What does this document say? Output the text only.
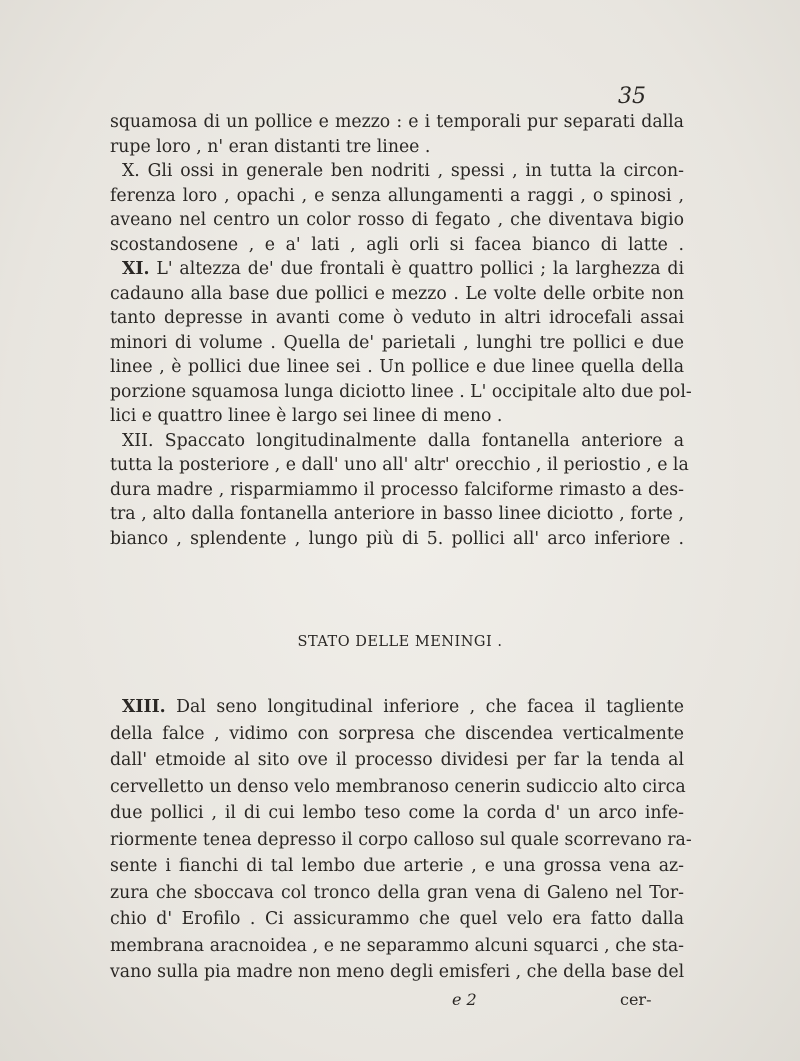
35
squamosa di un pollice e mezzo : e i temporali pur separati dalla
rupe loro , n' eran distanti tre linee .
X. Gli ossi in generale ben nodriti , spessi , in tutta la circon-
ferenza loro , opachi , e senza allungamenti a raggi , o spinosi ,
aveano nel centro un color rosso di fegato , che diventava bigio
scostandosene , e a' lati , agli orli si facea bianco di latte .
XI. L' altezza de' due frontali è quattro pollici ; la larghezza di
cadauno alla base due pollici e mezzo . Le volte delle orbite non
tanto depresse in avanti come ò veduto in altri idrocefali assai
minori di volume . Quella de' parietali , lunghi tre pollici e due
linee , è pollici due linee sei . Un pollice e due linee quella della
porzione squamosa lunga diciotto linee . L' occipitale alto due pol-
lici e quattro linee è largo sei linee di meno .
XII. Spaccato longitudinalmente dalla fontanella anteriore a
tutta la posteriore , e dall' uno all' altr' orecchio , il periostio , e la
dura madre , risparmiammo il processo falciforme rimasto a des-
tra , alto dalla fontanella anteriore in basso linee diciotto , forte ,
bianco , splendente , lungo più di 5. pollici all' arco inferiore .
STATO DELLE MENINGI .
XIII. Dal seno longitudinal inferiore , che facea il tagliente
della falce , vidimo con sorpresa che discendea verticalmente
dall' etmoide al sito ove il processo dividesi per far la tenda al
cervelletto un denso velo membranoso cenerin sudiccio alto circa
due pollici , il di cui lembo teso come la corda d' un arco infe-
riormente tenea depresso il corpo calloso sul quale scorrevano ra-
sente i fianchi di tal lembo due arterie , e una grossa vena az-
zura che sboccava col tronco della gran vena di Galeno nel Tor-
chio d' Erofilo . Ci assicurammo che quel velo era fatto dalla
membrana aracnoidea , e ne separammo alcuni squarci , che sta-
vano sulla pia madre non meno degli emisferi , che della base del
e 2	cer-
